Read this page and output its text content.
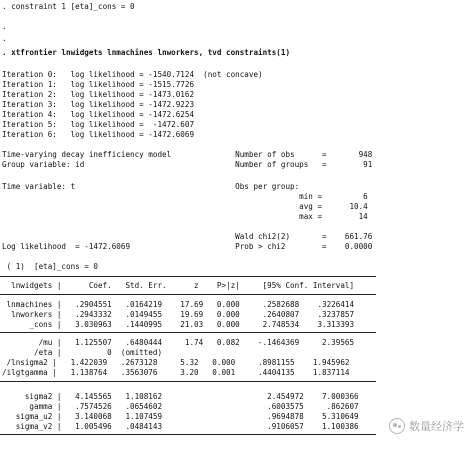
. constraint 1 [eta]_cons = 0
.
.
. xtfrontier lnwidgets lnmachines lnworkers, tvd constraints(1)
Iteration 0:   log likelihood = -1540.7124  (not concave)
Iteration 1:   log likelihood = -1515.7726
Iteration 2:   log likelihood = -1473.0162
Iteration 3:   log likelihood = -1472.9223
Iteration 4:   log likelihood = -1472.6254
Iteration 5:   log likelihood =  -1472.607
Iteration 6:   log likelihood = -1472.6069
Time-varying decay inefficiency model              Number of obs      =       948
Group variable: id                                 Number of groups   =        91
Time variable: t                                   Obs per group:
min =         6
avg =      10.4
max =        14
Wald chi2(2)       =    661.76
Log likelihood  = -1472.6069                       Prob > chi2        =    0.0000
( 1)  [eta]_cons = 0
lnwidgets |      Coef.   Std. Err.      z    P>|z|     [95% Conf. Interval]
lnmachines |   .2904551   .0164219    17.69   0.000     .2582688    .3226414
lnworkers |   .2943332   .0149455    19.69   0.000     .2640807    .3237857
_cons |   3.030963   .1440995    21.03   0.000     2.748534    3.313393
/mu |   1.125507   .6480444     1.74   0.082    -.1464369     2.39565
/eta |          0  (omitted)
/lnsigma2 |   1.422039   .2673128     5.32   0.000     .8981155    1.945962
/ilgtgamma |   1.138764   .3563076     3.20   0.001     .4404135    1.837114
sigma2 |   4.145565   1.108162                       2.454972    7.000366
gamma |   .7574526   .0654602                       .6003575     .862607
sigma_u2 |   3.140068   1.107459                       .9694878    5.310649
sigma_v2 |   1.005496   .0484143                       .9106057    1.100386	数量经济学
